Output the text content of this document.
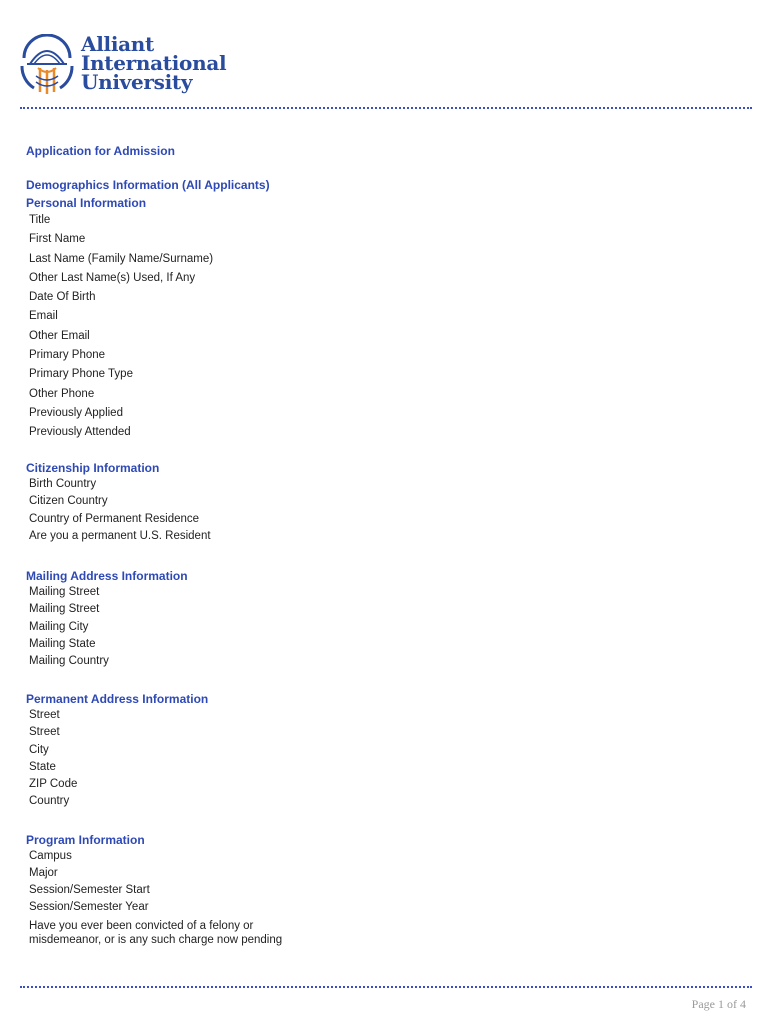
Alliant
International
University
Application for Admission
Demographics Information (All Applicants)
Personal Information
Title
First Name
Last Name (Family Name/Surname)
Other Last Name(s) Used, If Any
Date Of Birth
Email
Other Email
Primary Phone
Primary Phone Type
Other Phone
Previously Applied
Previously Attended
Citizenship Information
Birth Country
Citizen Country
Country of Permanent Residence
Are you a permanent U.S. Resident
Mailing Address Information
Mailing Street
Mailing Street
Mailing City
Mailing State
Mailing Country
Permanent Address Information
Street
Street
City
State
ZIP Code
Country
Program Information
Campus
Major
Session/Semester Start
Session/Semester Year
Have you ever been convicted of a felony or misdemeanor, or is any such charge now pending
Page 1 of 4
